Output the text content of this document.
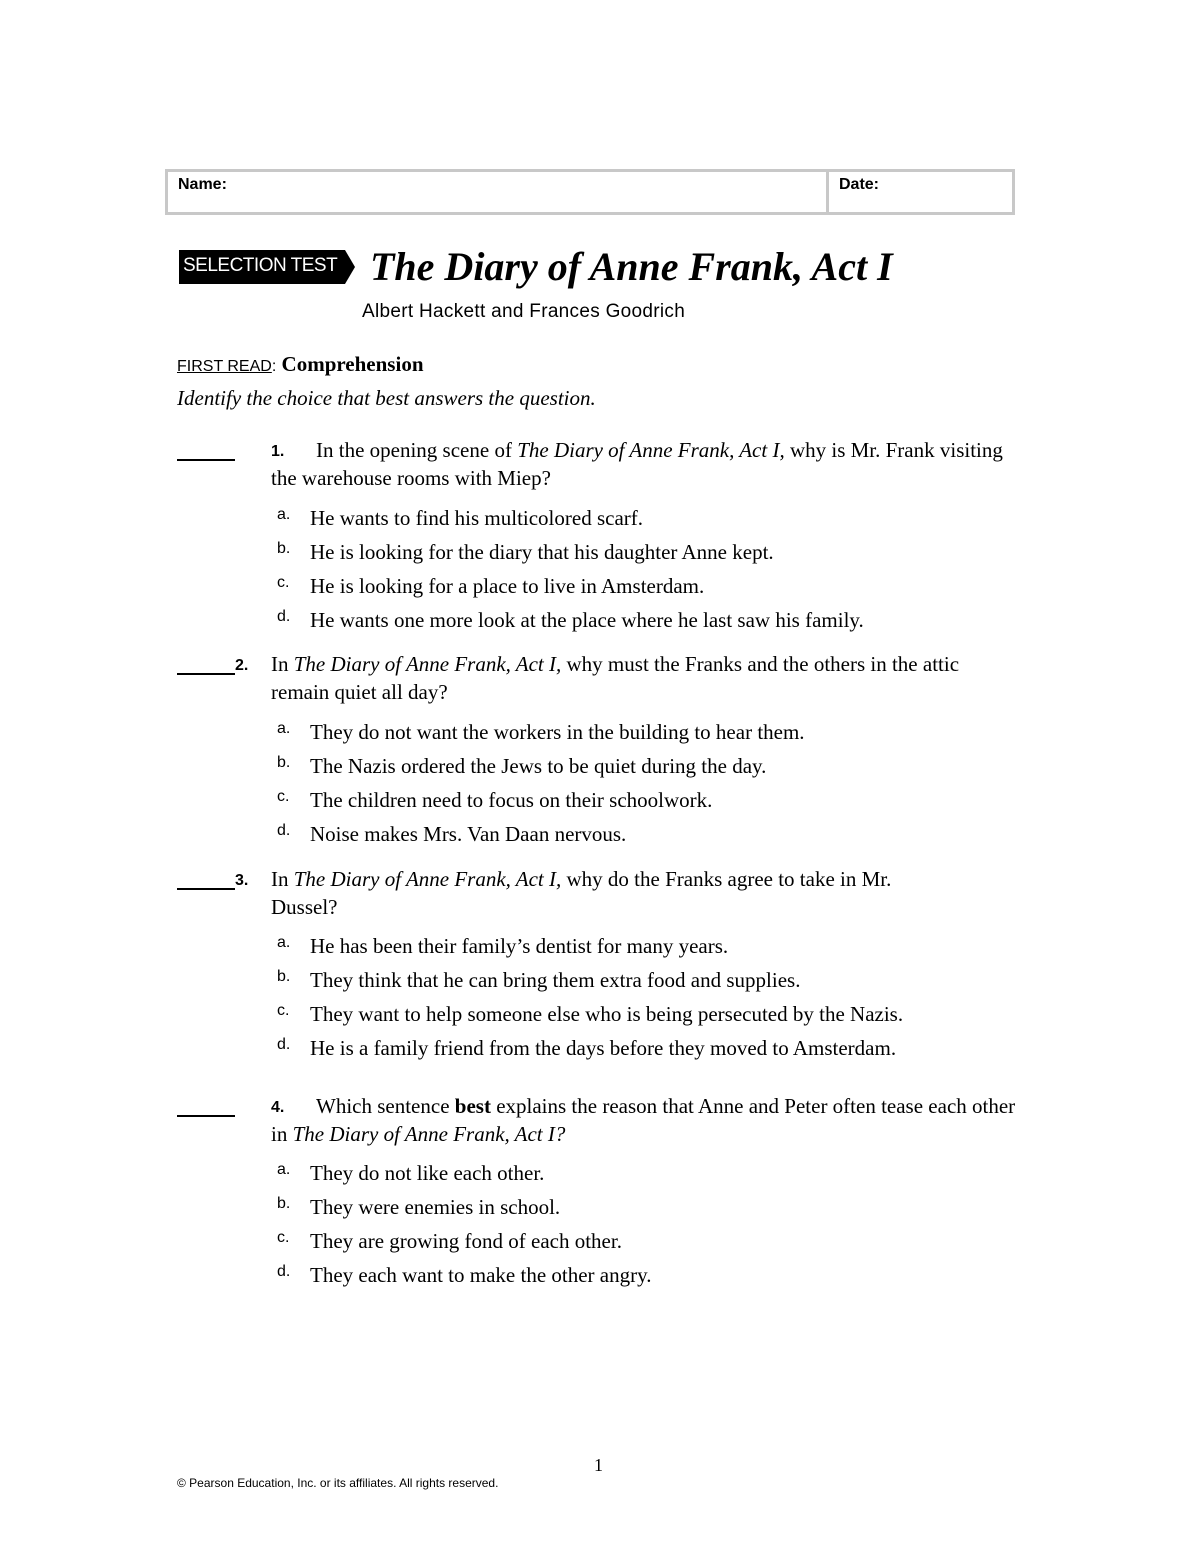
Name:	Date:
SELECTION TEST The Diary of Anne Frank, Act I
Albert Hackett and Frances Goodrich
FIRST READ: Comprehension
Identify the choice that best answers the question.
1.	In the opening scene of The Diary of Anne Frank, Act I, why is Mr. Frank visiting the warehouse rooms with Miep?
a. He wants to find his multicolored scarf.
b. He is looking for the diary that his daughter Anne kept.
c. He is looking for a place to live in Amsterdam.
d. He wants one more look at the place where he last saw his family.
2. In The Diary of Anne Frank, Act I, why must the Franks and the others in the attic remain quiet all day?
a. They do not want the workers in the building to hear them.
b. The Nazis ordered the Jews to be quiet during the day.
c. The children need to focus on their schoolwork.
d. Noise makes Mrs. Van Daan nervous.
3. In The Diary of Anne Frank, Act I, why do the Franks agree to take in Mr. Dussel?
a. He has been their family’s dentist for many years.
b. They think that he can bring them extra food and supplies.
c. They want to help someone else who is being persecuted by the Nazis.
d. He is a family friend from the days before they moved to Amsterdam.
4.	Which sentence best explains the reason that Anne and Peter often tease each other in The Diary of Anne Frank, Act I?
a. They do not like each other.
b. They were enemies in school.
c. They are growing fond of each other.
d. They each want to make the other angry.
1
© Pearson Education, Inc. or its affiliates. All rights reserved.
